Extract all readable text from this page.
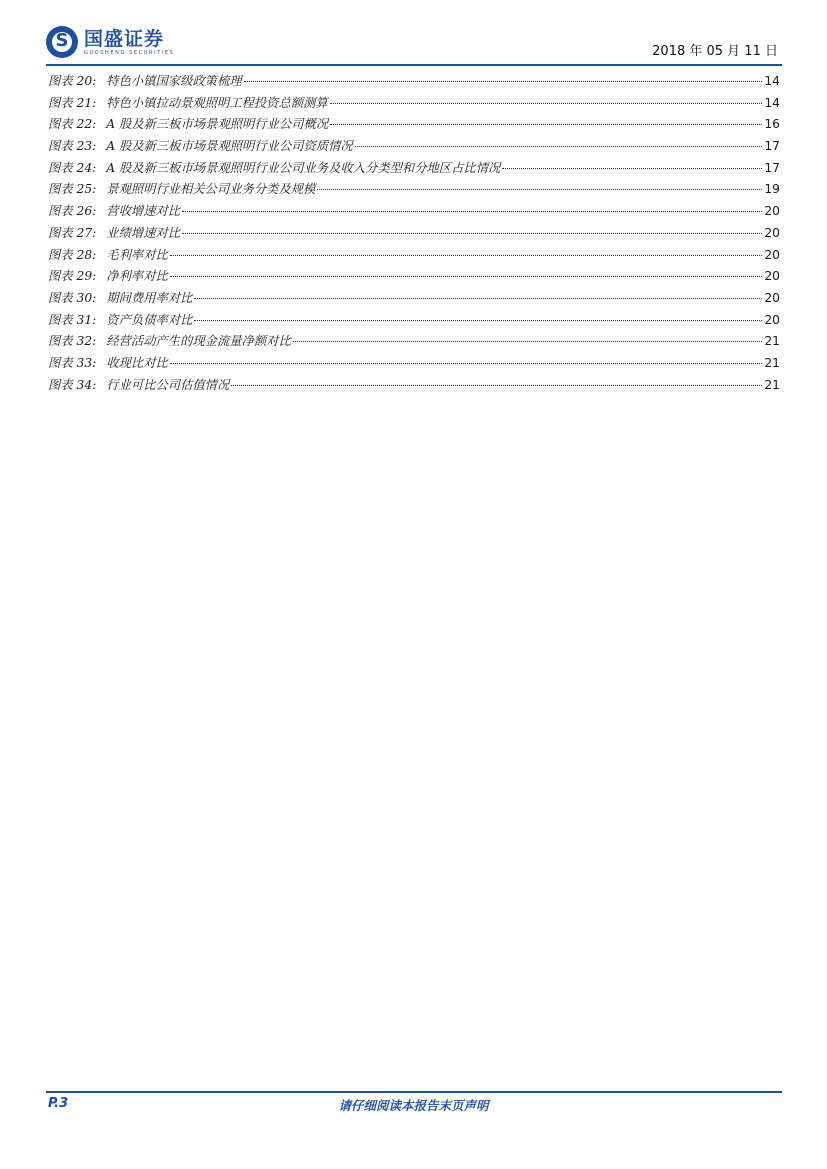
S
国盛证券
GUOSHENG SECURITIES	2018 年 05 月 11 日
图表 20: 特色小镇国家级政策梳理	14
图表 21: 特色小镇拉动景观照明工程投资总额测算	14
图表 22: A 股及新三板市场景观照明行业公司概况	16
图表 23: A 股及新三板市场景观照明行业公司资质情况	17
图表 24: A 股及新三板市场景观照明行业公司业务及收入分类型和分地区占比情况	17
图表 25: 景观照明行业相关公司业务分类及规模	19
图表 26: 营收增速对比	20
图表 27: 业绩增速对比	20
图表 28: 毛利率对比	20
图表 29: 净利率对比	20
图表 30: 期间费用率对比	20
图表 31: 资产负债率对比	20
图表 32: 经营活动产生的现金流量净额对比	21
图表 33: 收现比对比	21
图表 34: 行业可比公司估值情况	21
P.3	请仔细阅读本报告末页声明
